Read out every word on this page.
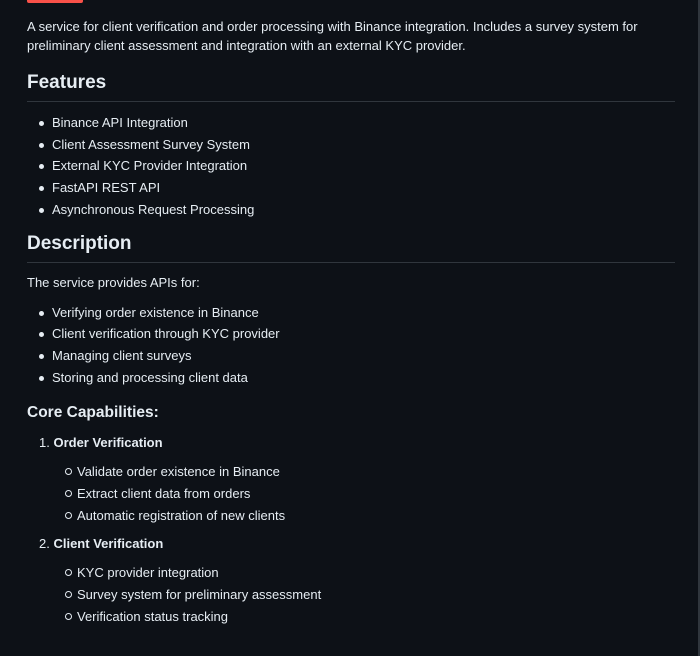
A service for client verification and order processing with Binance integration. Includes a survey system for preliminary client assessment and integration with an external KYC provider.

Features
Binance API Integration
Client Assessment Survey System
External KYC Provider Integration
FastAPI REST API
Asynchronous Request Processing
Description

The service provides APIs for:

Verifying order existence in Binance
Client verification through KYC provider
Managing client surveys
Storing and processing client data
Core Capabilities:
1. Order Verification
Validate order existence in Binance
Extract client data from orders
Automatic registration of new clients
2. Client Verification
KYC provider integration
Survey system for preliminary assessment
Verification status tracking
